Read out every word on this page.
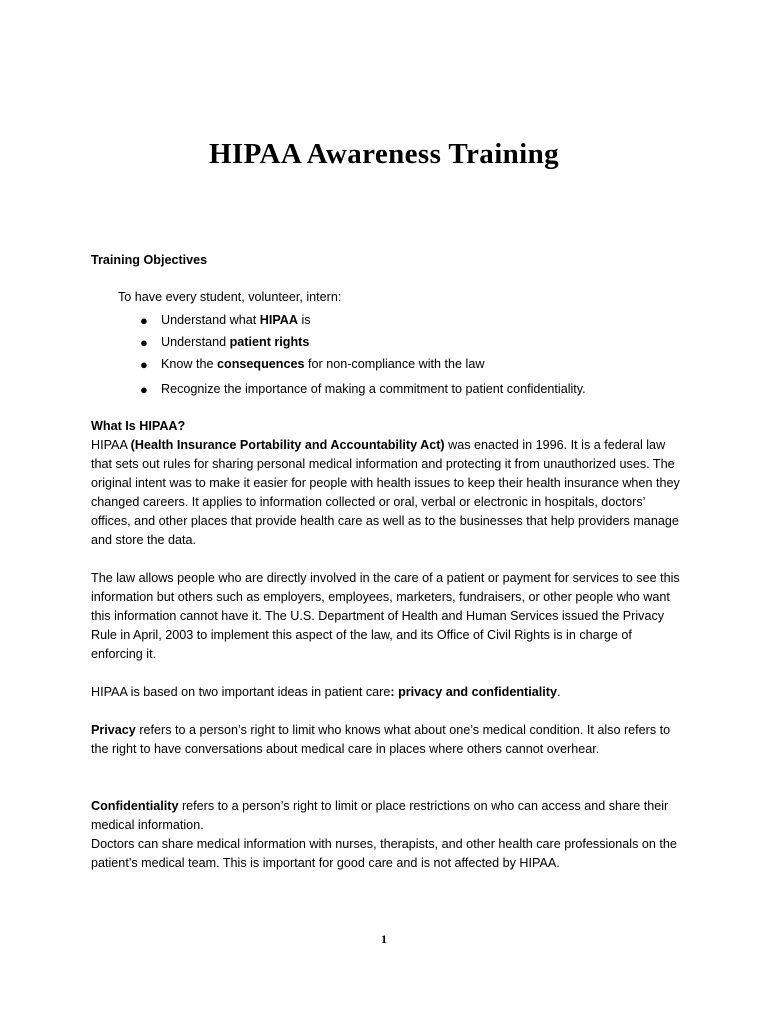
HIPAA Awareness Training
Training Objectives
To have every student, volunteer, intern:
● Understand what HIPAA is
● Understand patient rights
● Know the consequences for non-compliance with the law
● Recognize the importance of making a commitment to patient confidentiality.
What Is HIPAA?

HIPAA (Health Insurance Portability and Accountability Act) was enacted in 1996. It is a federal law that sets out rules for sharing personal medical information and protecting it from unauthorized uses. The original intent was to make it easier for people with health issues to keep their health insurance when they changed careers. It applies to information collected or oral, verbal or electronic in hospitals, doctors’ offices, and other places that provide health care as well as to the businesses that help providers manage and store the data.

The law allows people who are directly involved in the care of a patient or payment for services to see this information but others such as employers, employees, marketers, fundraisers, or other people who want this information cannot have it. The U.S. Department of Health and Human Services issued the Privacy Rule in April, 2003 to implement this aspect of the law, and its Office of Civil Rights is in charge of enforcing it.

HIPAA is based on two important ideas in patient care: privacy and confidentiality.

Privacy refers to a person’s right to limit who knows what about one’s medical condition. It also refers to the right to have conversations about medical care in places where others cannot overhear.

Confidentiality refers to a person’s right to limit or place restrictions on who can access and share their medical information.

Doctors can share medical information with nurses, therapists, and other health care professionals on the patient’s medical team. This is important for good care and is not affected by HIPAA.

1
